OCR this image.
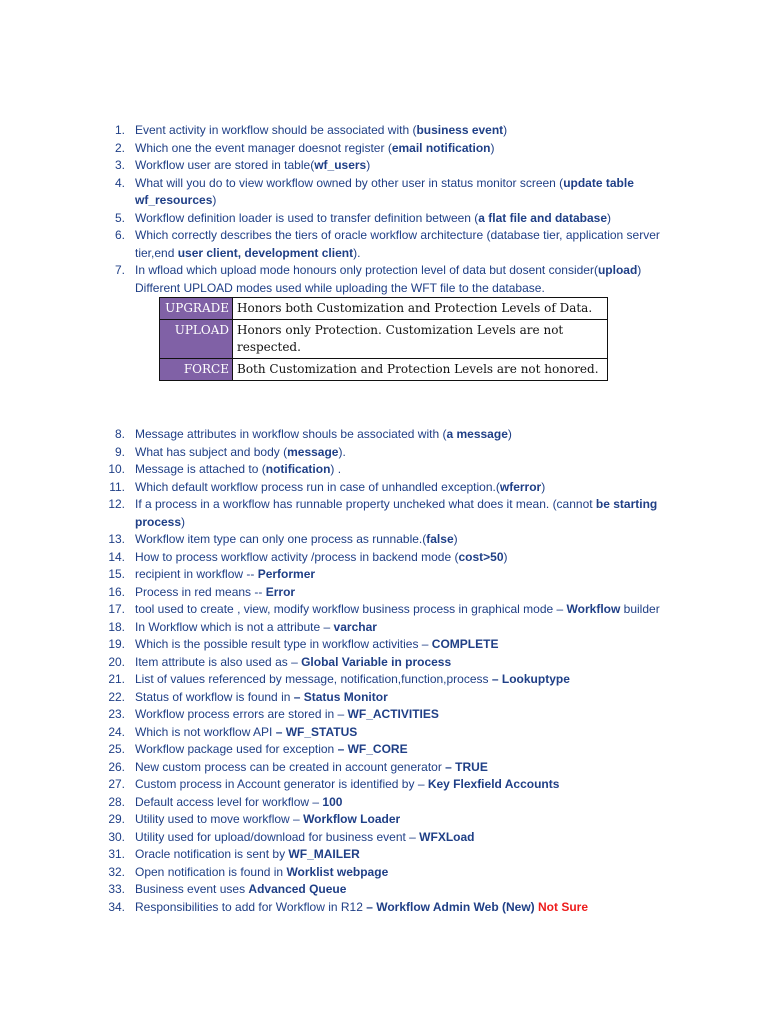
1. Event activity in workflow should be associated with (business event)
2. Which one the event manager doesnot register (email notification)
3. Workflow user are stored in table(wf_users)
4. What will you do to view workflow owned by other user in status monitor screen (update table wf_resources)
5. Workflow definition loader is used to transfer definition between (a flat file and database)
6. Which correctly describes the tiers of oracle workflow architecture (database tier, application server tier,end user client, development client).
7. In wfload which upload mode honours only protection level of data but dosent consider(upload) Different UPLOAD modes used while uploading the WFT file to the database.
UPGRADE	Honors both Customization and Protection Levels of Data.
UPLOAD	Honors only Protection. Customization Levels are not respected.
FORCE	Both Customization and Protection Levels are not honored.
8. Message attributes in workflow shouls be associated with (a message)
9. What has subject and body (message).
10. Message is attached to (notification) .
11. Which default workflow process run in case of unhandled exception.(wferror)
12. If a process in a workflow has runnable property uncheked what does it mean. (cannot be starting process)
13. Workflow item type can only one process as runnable.(false)
14. How to process workflow activity /process in backend mode (cost>50)
15. recipient in workflow -- Performer
16. Process in red means -- Error
17. tool used to create , view, modify workflow business process in graphical mode – Workflow builder
18. In Workflow which is not a attribute – varchar
19. Which is the possible result type in workflow activities – COMPLETE
20. Item attribute is also used as – Global Variable in process
21. List of values referenced by message, notification,function,process – Lookuptype
22. Status of workflow is found in – Status Monitor
23. Workflow process errors are stored in – WF_ACTIVITIES
24. Which is not workflow API – WF_STATUS
25. Workflow package used for exception – WF_CORE
26. New custom process can be created in account generator – TRUE
27. Custom process in Account generator is identified by – Key Flexfield Accounts
28. Default access level for workflow – 100
29. Utility used to move workflow – Workflow Loader
30. Utility used for upload/download for business event – WFXLoad
31. Oracle notification is sent by WF_MAILER
32. Open notification is found in Worklist webpage
33. Business event uses Advanced Queue
34. Responsibilities to add for Workflow in R12 – Workflow Admin Web (New) Not Sure
